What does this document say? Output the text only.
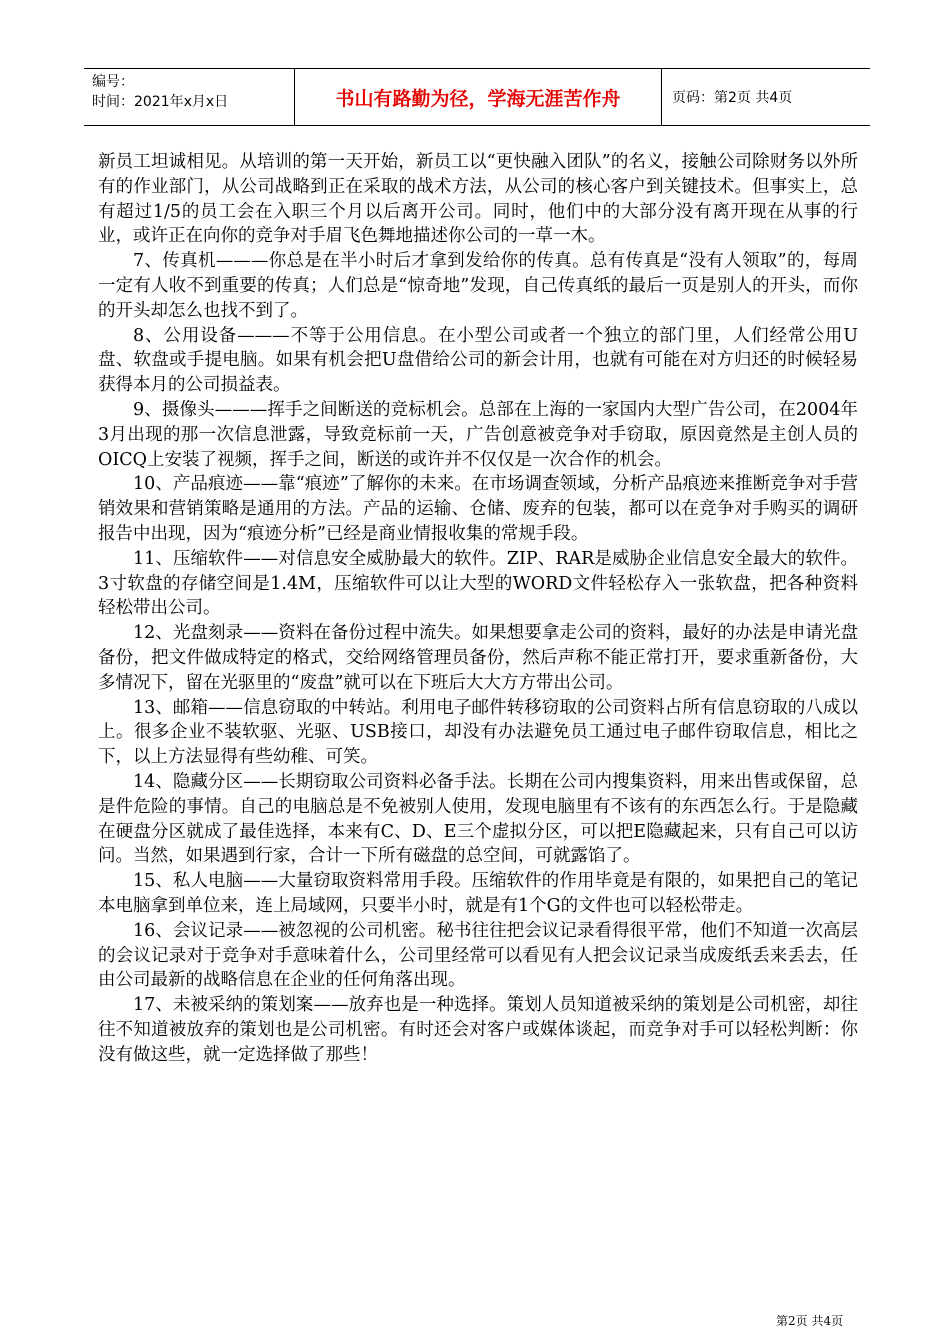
编号：
时间：2021年x月x日	书山有路勤为径，学海无涯苦作舟	页码：第2页 共4页

新员工坦诚相见。从培训的第一天开始，新员工以“更快融入团队”的名义，接触公司除财务以外所有的作业部门，从公司战略到正在采取的战术方法，从公司的核心客户到关键技术。但事实上，总有超过1/5的员工会在入职三个月以后离开公司。同时，他们中的大部分没有离开现在从事的行业，或许正在向你的竞争对手眉飞色舞地描述你公司的一草一木。

7、传真机———你总是在半小时后才拿到发给你的传真。总有传真是“没有人领取”的，每周一定有人收不到重要的传真；人们总是“惊奇地”发现，自己传真纸的最后一页是别人的开头，而你的开头却怎么也找不到了。

8、公用设备———不等于公用信息。在小型公司或者一个独立的部门里，人们经常公用U盘、软盘或手提电脑。如果有机会把U盘借给公司的新会计用，也就有可能在对方归还的时候轻易获得本月的公司损益表。

9、摄像头———挥手之间断送的竞标机会。总部在上海的一家国内大型广告公司，在2004年3月出现的那一次信息泄露，导致竞标前一天，广告创意被竞争对手窃取，原因竟然是主创人员的OICQ上安装了视频，挥手之间，断送的或许并不仅仅是一次合作的机会。

10、产品痕迹——靠“痕迹”了解你的未来。在市场调查领域，分析产品痕迹来推断竞争对手营销效果和营销策略是通用的方法。产品的运输、仓储、废弃的包装，都可以在竞争对手购买的调研报告中出现，因为“痕迹分析”已经是商业情报收集的常规手段。

11、压缩软件——对信息安全威胁最大的软件。ZIP、RAR是威胁企业信息安全最大的软件。3寸软盘的存储空间是1.4M，压缩软件可以让大型的WORD文件轻松存入一张软盘，把各种资料轻松带出公司。

12、光盘刻录——资料在备份过程中流失。如果想要拿走公司的资料，最好的办法是申请光盘备份，把文件做成特定的格式，交给网络管理员备份，然后声称不能正常打开，要求重新备份，大多情况下，留在光驱里的“废盘”就可以在下班后大大方方带出公司。

13、邮箱——信息窃取的中转站。利用电子邮件转移窃取的公司资料占所有信息窃取的八成以上。很多企业不装软驱、光驱、USB接口，却没有办法避免员工通过电子邮件窃取信息，相比之下，以上方法显得有些幼稚、可笑。

14、隐藏分区——长期窃取公司资料必备手法。长期在公司内搜集资料，用来出售或保留，总是件危险的事情。自己的电脑总是不免被别人使用，发现电脑里有不该有的东西怎么行。于是隐藏在硬盘分区就成了最佳选择，本来有C、D、E三个虚拟分区，可以把E隐藏起来，只有自己可以访问。当然，如果遇到行家，合计一下所有磁盘的总空间，可就露馅了。

15、私人电脑——大量窃取资料常用手段。压缩软件的作用毕竟是有限的，如果把自己的笔记本电脑拿到单位来，连上局域网，只要半小时，就是有1个G的文件也可以轻松带走。

16、会议记录——被忽视的公司机密。秘书往往把会议记录看得很平常，他们不知道一次高层的会议记录对于竞争对手意味着什么，公司里经常可以看见有人把会议记录当成废纸丢来丢去，任由公司最新的战略信息在企业的任何角落出现。

17、未被采纳的策划案——放弃也是一种选择。策划人员知道被采纳的策划是公司机密，却往往不知道被放弃的策划也是公司机密。有时还会对客户或媒体谈起，而竞争对手可以轻松判断：你没有做这些，就一定选择做了那些！

第2页 共4页
